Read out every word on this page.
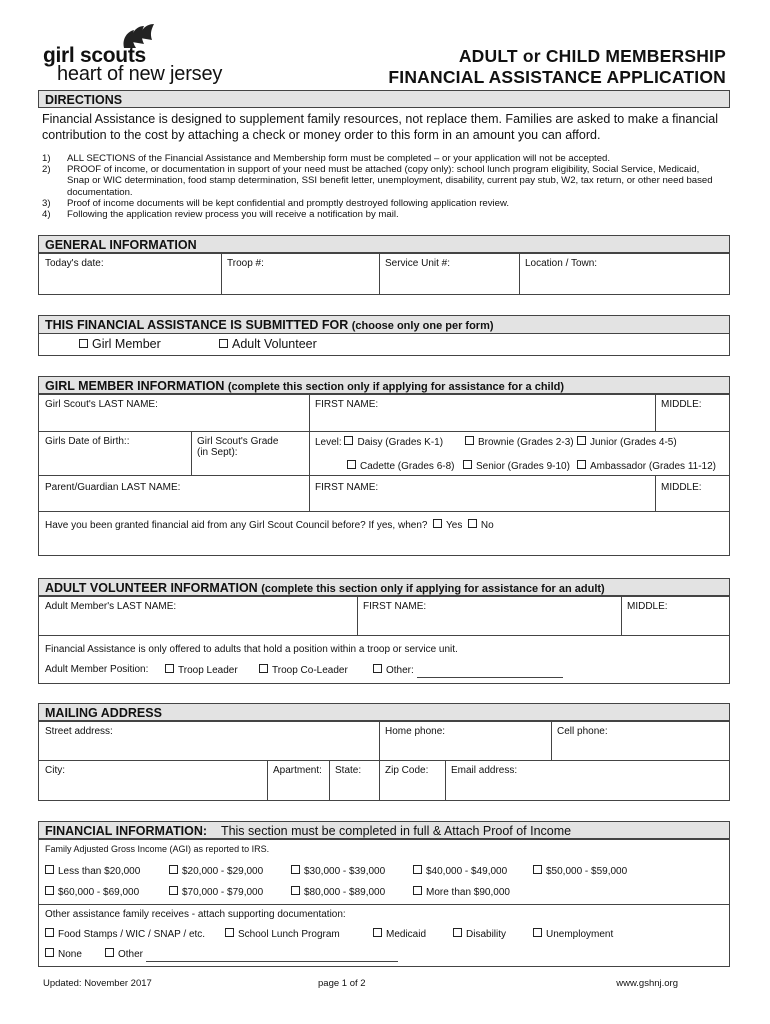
girl scouts
heart of new jersey
ADULT or CHILD MEMBERSHIP
FINANCIAL ASSISTANCE APPLICATION
DIRECTIONS
Financial Assistance is designed to supplement family resources, not replace them. Families are asked to make a financial contribution to the cost by attaching a check or money order to this form in an amount you can afford.
1)	ALL SECTIONS of the Financial Assistance and Membership form must be completed – or your application will not be accepted.
2)	PROOF of income, or documentation in support of your need must be attached (copy only): school lunch program eligibility, Social Service, Medicaid, Snap or WIC determination, food stamp determination, SSI benefit letter, unemployment, disability, current pay stub, W2, tax return, or other need based documentation.
3)	Proof of income documents will be kept confidential and promptly destroyed following application review.
4)	Following the application review process you will receive a notification by mail.
GENERAL INFORMATION
Today's date:	Troop #:	Service Unit #:	Location / Town:
THIS FINANCIAL ASSISTANCE IS SUBMITTED FOR (choose only one per form)
Girl Member	Adult Volunteer
GIRL MEMBER INFORMATION (complete this section only if applying for assistance for a child)
Girl Scout's LAST NAME:	FIRST NAME:	MIDDLE:
Girls Date of Birth::	Girl Scout's Grade
(in Sept):
Level: Daisy (Grades K-1)	Brownie (Grades 2-3)	Junior (Grades 4-5)
Cadette (Grades 6-8)	Senior (Grades 9-10)	Ambassador (Grades 11-12)
Parent/Guardian LAST NAME:	FIRST NAME:	MIDDLE:
Have you been granted financial aid from any Girl Scout Council before? If yes, when? Yes No
ADULT VOLUNTEER INFORMATION (complete this section only if applying for assistance for an adult)
Adult Member's LAST NAME:	FIRST NAME:	MIDDLE:
Financial Assistance is only offered to adults that hold a position within a troop or service unit.
Adult Member Position:	Troop Leader	Troop Co-Leader	Other:
MAILING ADDRESS
Street address:	Home phone:	Cell phone:
City:	Apartment: State: Zip Code: Email address:
FINANCIAL INFORMATION: This section must be completed in full & Attach Proof of Income
Family Adjusted Gross Income (AGI) as reported to IRS.
Less than $20,000	$20,000 - $29,000	$30,000 - $39,000	$40,000 - $49,000	$50,000 - $59,000
$60,000 - $69,000	$70,000 - $79,000	$80,000 - $89,000	More than $90,000
Other assistance family receives - attach supporting documentation:
Food Stamps / WIC / SNAP / etc.	School Lunch Program	Medicaid	Disability	Unemployment
None	Other
Updated: November 2017	page 1 of 2	www.gshnj.org
